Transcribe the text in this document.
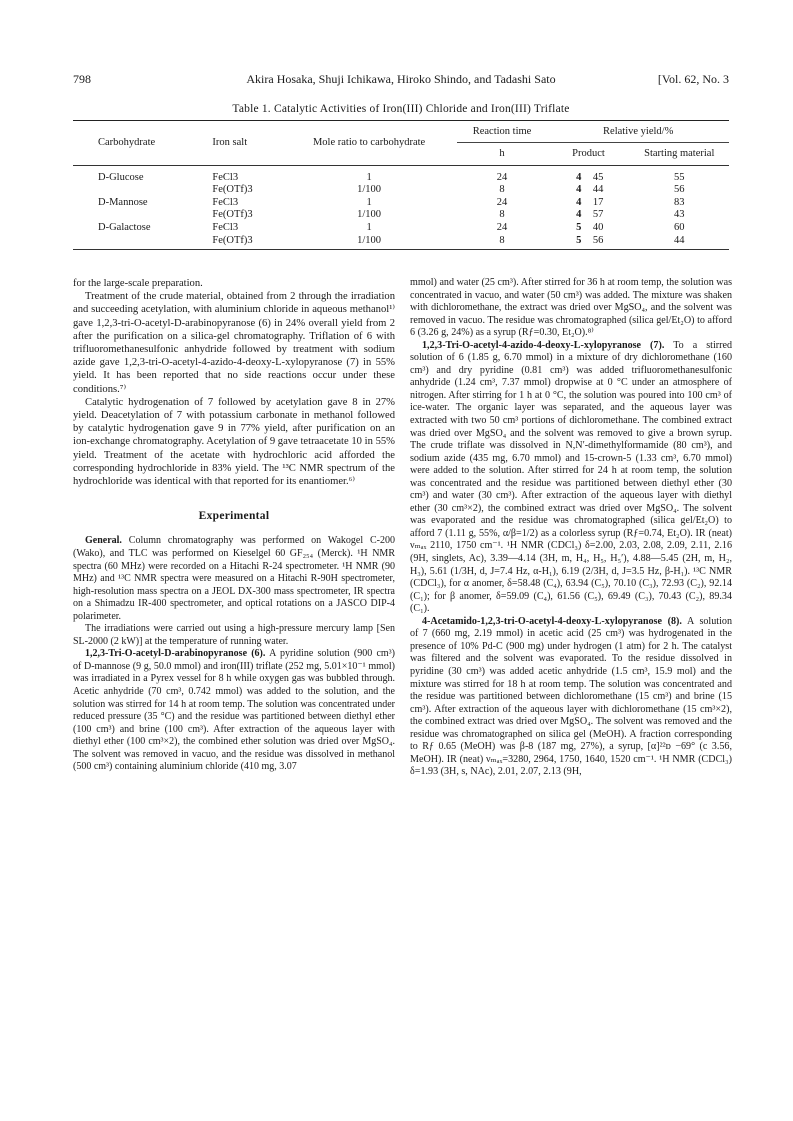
798	Akira Hosaka, Shuji Ichikawa, Hiroko Shindo, and Tadashi Sato	[Vol. 62, No. 3
Table 1. Catalytic Activities of Iron(III) Chloride and Iron(III) Triflate
Carbohydrate	Iron salt	Mole ratio to carbohydrate	Reaction time	Relative yield/%	
			h	Product	Starting material

D-Glucose	FeCl3	1	24	4 45	55
	Fe(OTf)3	1/100	8	4 44	56
D-Mannose	FeCl3	1	24	4 17	83
	Fe(OTf)3	1/100	8	4 57	43
D-Galactose	FeCl3	1	24	5 40	60
	Fe(OTf)3	1/100	8	5 56	44

for the large-scale preparation.

Treatment of the crude material, obtained from 2 through the irradiation and succeeding acetylation, with aluminium chloride in aqueous methanol¹⁾ gave 1,2,3-tri-O-acetyl-D-arabinopyranose (6) in 24% overall yield from 2 after the purification on a silica-gel chromatography. Triflation of 6 with trifluoromethanesulfonic anhydride followed by treatment with sodium azide gave 1,2,3-tri-O-acetyl-4-azido-4-deoxy-L-xylopyranose (7) in 55% yield. It has been reported that no side reactions occur under these conditions.⁷⁾

Catalytic hydrogenation of 7 followed by acetylation gave 8 in 27% yield. Deacetylation of 7 with potassium carbonate in methanol followed by catalytic hydrogenation gave 9 in 77% yield, after purification on an ion-exchange chromatography. Acetylation of 9 gave tetraacetate 10 in 55% yield. Treatment of the acetate with hydrochloric acid afforded the corresponding hydrochloride in 83% yield. The ¹³C NMR spectrum of the hydrochloride was identical with that reported for its enantiomer.⁶⁾

Experimental

General. Column chromatography was performed on Wakogel C-200 (Wako), and TLC was performed on Kieselgel 60 GF₂₅₄ (Merck). ¹H NMR spectra (60 MHz) were recorded on a Hitachi R-24 spectrometer. ¹H NMR (90 MHz) and ¹³C NMR spectra were measured on a Hitachi R-90H spectrometer, high-resolution mass spectra on a JEOL DX-300 mass spectrometer, IR spectra on a Shimadzu IR-400 spectrometer, and optical rotations on a JASCO DIP-4 polarimeter.

The irradiations were carried out using a high-pressure mercury lamp [Sen SL-2000 (2 kW)] at the temperature of running water.

1,2,3-Tri-O-acetyl-D-arabinopyranose (6). A pyridine solution (900 cm³) of D-mannose (9 g, 50.0 mmol) and iron(III) triflate (252 mg, 5.01×10⁻¹ mmol) was irradiated in a Pyrex vessel for 8 h while oxygen gas was bubbled through. Acetic anhydride (70 cm³, 0.742 mmol) was added to the solution, and the solution was stirred for 14 h at room temp. The solution was concentrated under reduced pressure (35 °C) and the residue was partitioned between diethyl ether (100 cm³) and brine (100 cm³). After extraction of the aqueous layer with diethyl ether (100 cm³×2), the combined ether solution was dried over MgSO₄. The solvent was removed in vacuo, and the residue was dissolved in methanol (500 cm³) containing aluminium chloride (410 mg, 3.07

mmol) and water (25 cm³). After stirred for 36 h at room temp, the solution was concentrated in vacuo, and water (50 cm³) was added. The mixture was shaken with dichloromethane, the extract was dried over MgSO₄, and the solvent was removed in vacuo. The residue was chromatographed (silica gel/Et₂O) to afford 6 (3.26 g, 24%) as a syrup (Rƒ=0.30, Et₂O).⁸⁾

1,2,3-Tri-O-acetyl-4-azido-4-deoxy-L-xylopyranose (7). To a stirred solution of 6 (1.85 g, 6.70 mmol) in a mixture of dry dichloromethane (160 cm³) and dry pyridine (0.81 cm³) was added trifluoromethanesulfonic anhydride (1.24 cm³, 7.37 mmol) dropwise at 0 °C under an atmosphere of nitrogen. After stirring for 1 h at 0 °C, the solution was poured into 100 cm³ of ice-water. The organic layer was separated, and the aqueous layer was extracted with two 50 cm³ portions of dichloromethane. The combined extract was dried over MgSO₄ and the solvent was removed to give a brown syrup. The crude triflate was dissolved in N,N′-dimethylformamide (80 cm³), and sodium azide (435 mg, 6.70 mmol) and 15-crown-5 (1.33 cm³, 6.70 mmol) were added to the solution. After stirred for 24 h at room temp, the solution was concentrated and the residue was partitioned between diethyl ether (30 cm³) and water (30 cm³). After extraction of the aqueous layer with diethyl ether (30 cm³×2), the combined extract was dried over MgSO₄. The solvent was evaporated and the residue was chromatographed (silica gel/Et₂O) to afford 7 (1.11 g, 55%, α/β=1/2) as a colorless syrup (Rƒ=0.74, Et₂O). IR (neat) νₘₐₓ 2110, 1750 cm⁻¹. ¹H NMR (CDCl₃) δ=2.00, 2.03, 2.08, 2.09, 2.11, 2.16 (9H, singlets, Ac), 3.39—4.14 (3H, m, H₄, H₅, H₅′), 4.88—5.45 (2H, m, H₂, H₃), 5.61 (1/3H, d, J=7.4 Hz, α-H₁), 6.19 (2/3H, d, J=3.5 Hz, β-H₁). ¹³C NMR (CDCl₃), for α anomer, δ=58.48 (C₄), 63.94 (C₅), 70.10 (C₃), 72.93 (C₂), 92.14 (C₁); for β anomer, δ=59.09 (C₄), 61.56 (C₅), 69.49 (C₃), 70.43 (C₂), 89.34 (C₁).

4-Acetamido-1,2,3-tri-O-acetyl-4-deoxy-L-xylopyranose (8). A solution of 7 (660 mg, 2.19 mmol) in acetic acid (25 cm³) was hydrogenated in the presence of 10% Pd-C (900 mg) under hydrogen (1 atm) for 2 h. The catalyst was filtered and the solvent was evaporated. To the residue dissolved in pyridine (30 cm³) was added acetic anhydride (1.5 cm³, 15.9 mol) and the mixture was stirred for 18 h at room temp. The solution was concentrated and the residue was partitioned between dichloromethane (15 cm³) and brine (15 cm³). After extraction of the aqueous layer with dichloromethane (15 cm³×2), the combined extract was dried over MgSO₄. The solvent was removed and the residue was chromatographed on silica gel (MeOH). A fraction corresponding to Rƒ 0.65 (MeOH) was β-8 (187 mg, 27%), a syrup, [α]²²ᴅ −69° (c 3.56, MeOH). IR (neat) νₘₐₓ=3280, 2964, 1750, 1640, 1520 cm⁻¹. ¹H NMR (CDCl₃) δ=1.93 (3H, s, NAc), 2.01, 2.07, 2.13 (9H,
